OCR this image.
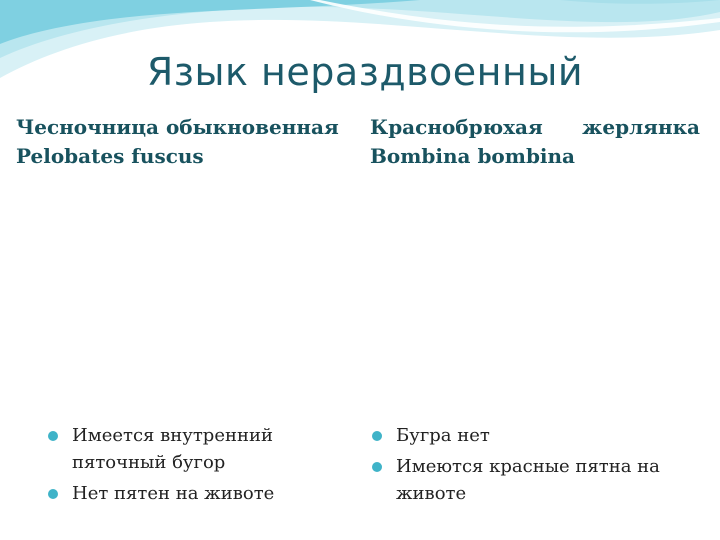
Язык нераздвоенный
Чесночница обыкновенная
Pelobates fuscus
Краснобрюхая жерлянка
Bombina bombina
Имеется внутренний пяточный бугор
Нет пятен на животе
Бугра нет
Имеются красные пятна на животе
